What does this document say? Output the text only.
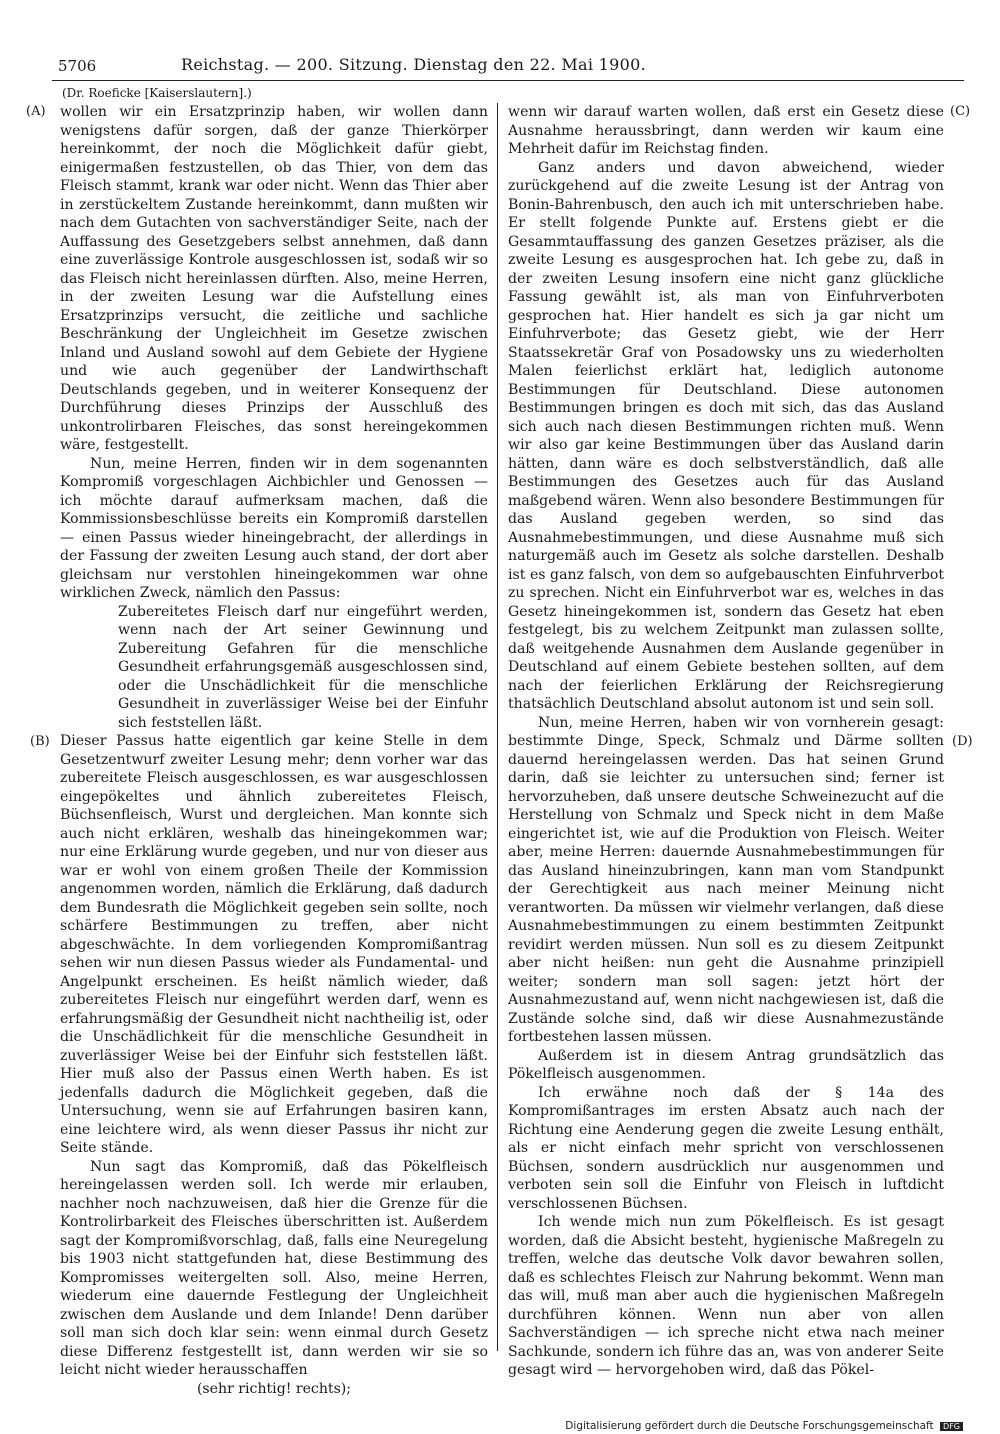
5706	Reichstag. — 200. Sitzung. Dienstag den 22. Mai 1900.
(Dr. Roeficke [Kaiserslautern].)
(A)
(B)
(C)
(D)

wollen wir ein Ersatzprinzip haben, wir wollen dann wenigstens dafür sorgen, daß der ganze Thierkörper hereinkommt, der noch die Möglichkeit dafür giebt, einigermaßen festzustellen, ob das Thier, von dem das Fleisch stammt, krank war oder nicht. Wenn das Thier aber in zerstückeltem Zustande hereinkommt, dann mußten wir nach dem Gutachten von sachverständiger Seite, nach der Auffassung des Gesetzgebers selbst annehmen, daß dann eine zuverlässige Kontrole ausgeschlossen ist, sodaß wir so das Fleisch nicht hereinlassen dürften. Also, meine Herren, in der zweiten Lesung war die Aufstellung eines Ersatzprinzips versucht, die zeitliche und sachliche Beschränkung der Ungleichheit im Gesetze zwischen Inland und Ausland sowohl auf dem Gebiete der Hygiene und wie auch gegenüber der Landwirthschaft Deutschlands gegeben, und in weiterer Konsequenz der Durchführung dieses Prinzips der Ausschluß des unkontrolirbaren Fleisches, das sonst hereingekommen wäre, festgestellt.

Nun, meine Herren, finden wir in dem sogenannten Kompromiß vorgeschlagen Aichbichler und Genossen — ich möchte darauf aufmerksam machen, daß die Kommissionsbeschlüsse bereits ein Kompromiß darstellen — einen Passus wieder hineingebracht, der allerdings in der Fassung der zweiten Lesung auch stand, der dort aber gleichsam nur verstohlen hineingekommen war ohne wirklichen Zweck, nämlich den Passus:

Zubereitetes Fleisch darf nur eingeführt werden, wenn nach der Art seiner Gewinnung und Zubereitung Gefahren für die menschliche Gesundheit erfahrungsgemäß ausgeschlossen sind, oder die Unschädlichkeit für die menschliche Gesundheit in zuverlässiger Weise bei der Einfuhr sich feststellen läßt.

Dieser Passus hatte eigentlich gar keine Stelle in dem Gesetzentwurf zweiter Lesung mehr; denn vorher war das zubereitete Fleisch ausgeschlossen, es war ausgeschlossen eingepökeltes und ähnlich zubereitetes Fleisch, Büchsenfleisch, Wurst und dergleichen. Man konnte sich auch nicht erklären, weshalb das hineingekommen war; nur eine Erklärung wurde gegeben, und nur von dieser aus war er wohl von einem großen Theile der Kommission angenommen worden, nämlich die Erklärung, daß dadurch dem Bundesrath die Möglichkeit gegeben sein sollte, noch schärfere Bestimmungen zu treffen, aber nicht abgeschwächte. In dem vorliegenden Kompromißantrag sehen wir nun diesen Passus wieder als Fundamental- und Angelpunkt erscheinen. Es heißt nämlich wieder, daß zubereitetes Fleisch nur eingeführt werden darf, wenn es erfahrungsmäßig der Gesundheit nicht nachtheilig ist, oder die Unschädlichkeit für die menschliche Gesundheit in zuverlässiger Weise bei der Einfuhr sich feststellen läßt. Hier muß also der Passus einen Werth haben. Es ist jedenfalls dadurch die Möglichkeit gegeben, daß die Untersuchung, wenn sie auf Erfahrungen basiren kann, eine leichtere wird, als wenn dieser Passus ihr nicht zur Seite stände.

Nun sagt das Kompromiß, daß das Pökelfleisch hereingelassen werden soll. Ich werde mir erlauben, nachher noch nachzuweisen, daß hier die Grenze für die Kontrolirbarkeit des Fleisches überschritten ist. Außerdem sagt der Kompromißvorschlag, daß, falls eine Neuregelung bis 1903 nicht stattgefunden hat, diese Bestimmung des Kompromisses weitergelten soll. Also, meine Herren, wiederum eine dauernde Festlegung der Ungleichheit zwischen dem Auslande und dem Inlande! Denn darüber soll man sich doch klar sein: wenn einmal durch Gesetz diese Differenz festgestellt ist, dann werden wir sie so leicht nicht wieder herausschaffen

(sehr richtig! rechts);

wenn wir darauf warten wollen, daß erst ein Gesetz diese Ausnahme heraussbringt, dann werden wir kaum eine Mehrheit dafür im Reichstag finden.

Ganz anders und davon abweichend, wieder zurückgehend auf die zweite Lesung ist der Antrag von Bonin-Bahrenbusch, den auch ich mit unterschrieben habe. Er stellt folgende Punkte auf. Erstens giebt er die Gesammtauffassung des ganzen Gesetzes präziser, als die zweite Lesung es ausgesprochen hat. Ich gebe zu, daß in der zweiten Lesung insofern eine nicht ganz glückliche Fassung gewählt ist, als man von Einfuhrverboten gesprochen hat. Hier handelt es sich ja gar nicht um Einfuhrverbote; das Gesetz giebt, wie der Herr Staatssekretär Graf von Posadowsky uns zu wiederholten Malen feierlichst erklärt hat, lediglich autonome Bestimmungen für Deutschland. Diese autonomen Bestimmungen bringen es doch mit sich, das das Ausland sich auch nach diesen Bestimmungen richten muß. Wenn wir also gar keine Bestimmungen über das Ausland darin hätten, dann wäre es doch selbstverständlich, daß alle Bestimmungen des Gesetzes auch für das Ausland maßgebend wären. Wenn also besondere Bestimmungen für das Ausland gegeben werden, so sind das Ausnahmebestimmungen, und diese Ausnahme muß sich naturgemäß auch im Gesetz als solche darstellen. Deshalb ist es ganz falsch, von dem so aufgebauschten Einfuhrverbot zu sprechen. Nicht ein Einfuhrverbot war es, welches in das Gesetz hineingekommen ist, sondern das Gesetz hat eben festgelegt, bis zu welchem Zeitpunkt man zulassen sollte, daß weitgehende Ausnahmen dem Auslande gegenüber in Deutschland auf einem Gebiete bestehen sollten, auf dem nach der feierlichen Erklärung der Reichsregierung thatsächlich Deutschland absolut autonom ist und sein soll.

Nun, meine Herren, haben wir von vornherein gesagt: bestimmte Dinge, Speck, Schmalz und Därme sollten dauernd hereingelassen werden. Das hat seinen Grund darin, daß sie leichter zu untersuchen sind; ferner ist hervorzuheben, daß unsere deutsche Schweinezucht auf die Herstellung von Schmalz und Speck nicht in dem Maße eingerichtet ist, wie auf die Produktion von Fleisch. Weiter aber, meine Herren: dauernde Ausnahmebestimmungen für das Ausland hineinzubringen, kann man vom Standpunkt der Gerechtigkeit aus nach meiner Meinung nicht verantworten. Da müssen wir vielmehr verlangen, daß diese Ausnahmebestimmungen zu einem bestimmten Zeitpunkt revidirt werden müssen. Nun soll es zu diesem Zeitpunkt aber nicht heißen: nun geht die Ausnahme prinzipiell weiter; sondern man soll sagen: jetzt hört der Ausnahmezustand auf, wenn nicht nachgewiesen ist, daß die Zustände solche sind, daß wir diese Ausnahmezustände fortbestehen lassen müssen.

Außerdem ist in diesem Antrag grundsätzlich das Pökelfleisch ausgenommen.

Ich erwähne noch daß der § 14a des Kompromißantrages im ersten Absatz auch nach der Richtung eine Aenderung gegen die zweite Lesung enthält, als er nicht einfach mehr spricht von verschlossenen Büchsen, sondern ausdrücklich nur ausgenommen und verboten sein soll die Einfuhr von Fleisch in luftdicht verschlossenen Büchsen.

Ich wende mich nun zum Pökelfleisch. Es ist gesagt worden, daß die Absicht besteht, hygienische Maßregeln zu treffen, welche das deutsche Volk davor bewahren sollen, daß es schlechtes Fleisch zur Nahrung bekommt. Wenn man das will, muß man aber auch die hygienischen Maßregeln durchführen können. Wenn nun aber von allen Sachverständigen — ich spreche nicht etwa nach meiner Sachkunde, sondern ich führe das an, was von anderer Seite gesagt wird — hervorgehoben wird, daß das Pökel-

Digitalisierung gefördert durch die Deutsche Forschungsgemeinschaft DFG
